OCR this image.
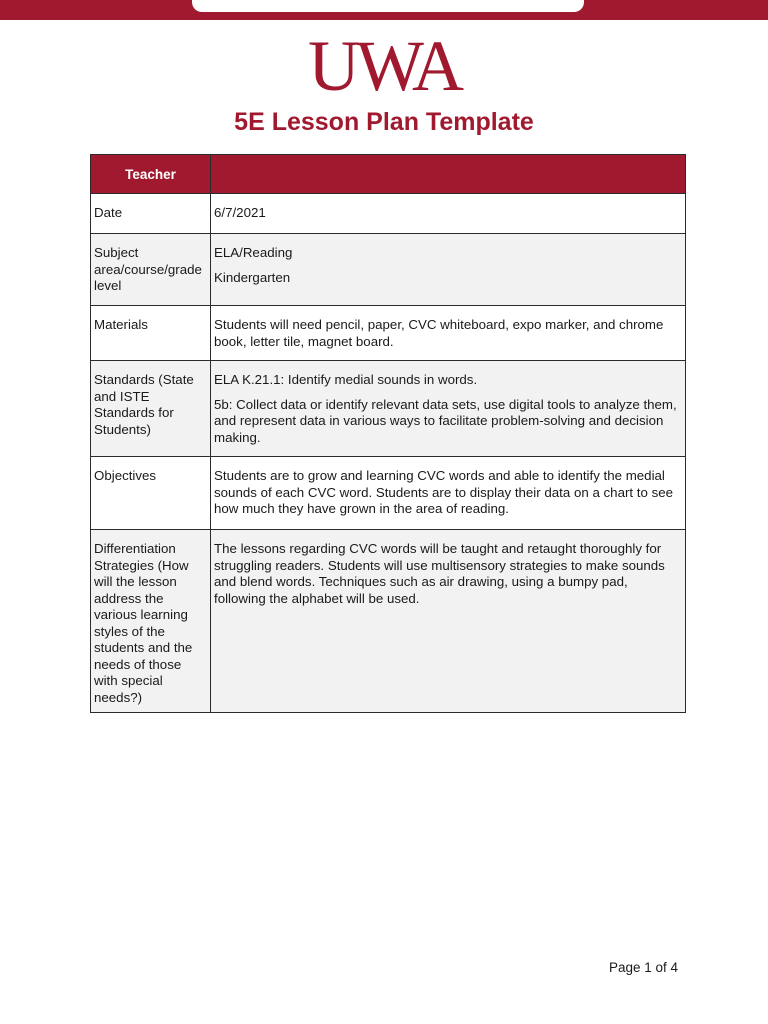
UWA
5E Lesson Plan Template
Teacher	
Date	6/7/2021

Subject area/course/grade level	ELA/Reading

Kindergarten

Materials	Students will need pencil, paper, CVC whiteboard, expo marker, and chrome book, letter tile, magnet board.

Standards (State and ISTE Standards for Students)	ELA K.21.1: Identify medial sounds in words.

5b: Collect data or identify relevant data sets, use digital tools to analyze them, and represent data in various ways to facilitate problem-solving and decision making.

Objectives	Students are to grow and learning CVC words and able to identify the medial sounds of each CVC word. Students are to display their data on a chart to see how much they have grown in the area of reading.

Differentiation Strategies (How will the lesson address the various learning styles of the students and the needs of those with special needs?)	The lessons regarding CVC words will be taught and retaught thoroughly for struggling readers. Students will use multisensory strategies to make sounds and blend words. Techniques such as air drawing, using a bumpy pad, following the alphabet will be used.

Page 1 of 4
